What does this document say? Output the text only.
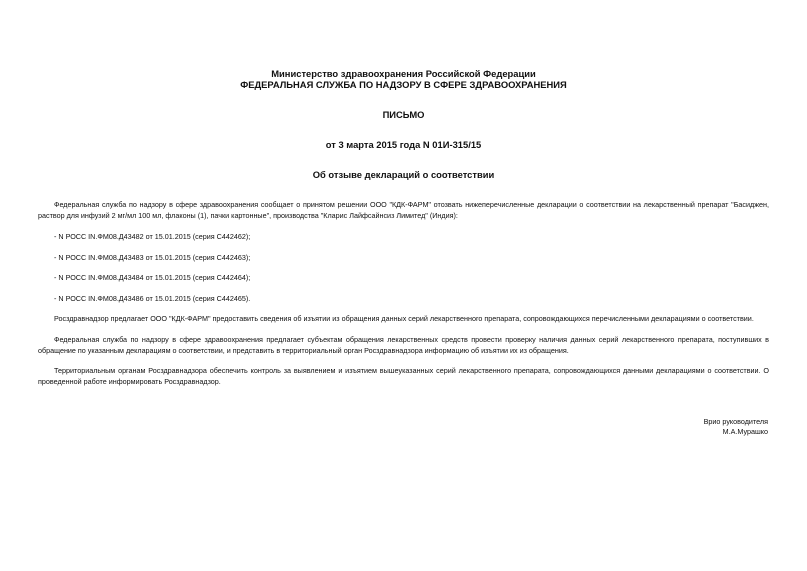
Министерство здравоохранения Российской Федерации
ФЕДЕРАЛЬНАЯ СЛУЖБА ПО НАДЗОРУ В СФЕРЕ ЗДРАВООХРАНЕНИЯ
ПИСЬМО
от 3 марта 2015 года N 01И-315/15
Об отзыве деклараций о соответствии
Федеральная служба по надзору в сфере здравоохранения сообщает о принятом решении ООО "КДК-ФАРМ" отозвать нижеперечисленные декларации о соответствии на лекарственный препарат "Басиджен, раствор для инфузий 2 мг/мл 100 мл, флаконы (1), пачки картонные", производства "Кларис Лайфсайнсиз Лимитед" (Индия):
- N РОСС IN.ФМ08.Д43482 от 15.01.2015 (серия С442462);
- N РОСС IN.ФМ08.Д43483 от 15.01.2015 (серия С442463);
- N РОСС IN.ФМ08.Д43484 от 15.01.2015 (серия С442464);
- N РОСС IN.ФМ08.Д43486 от 15.01.2015 (серия С442465).
Росздравнадзор предлагает ООО "КДК-ФАРМ" предоставить сведения об изъятии из обращения данных серий лекарственного препарата, сопровождающихся перечисленными декларациями о соответствии.
Федеральная служба по надзору в сфере здравоохранения предлагает субъектам обращения лекарственных средств провести проверку наличия данных серий лекарственного препарата, поступивших в обращение по указанным декларациям о соответствии, и представить в территориальный орган Росздравнадзора информацию об изъятии их из обращения.
Территориальным органам Росздравнадзора обеспечить контроль за выявлением и изъятием вышеуказанных серий лекарственного препарата, сопровождающихся данными декларациями о соответствии. О проведенной работе информировать Росздравнадзор.
Врио руководителя
М.А.Мурашко
